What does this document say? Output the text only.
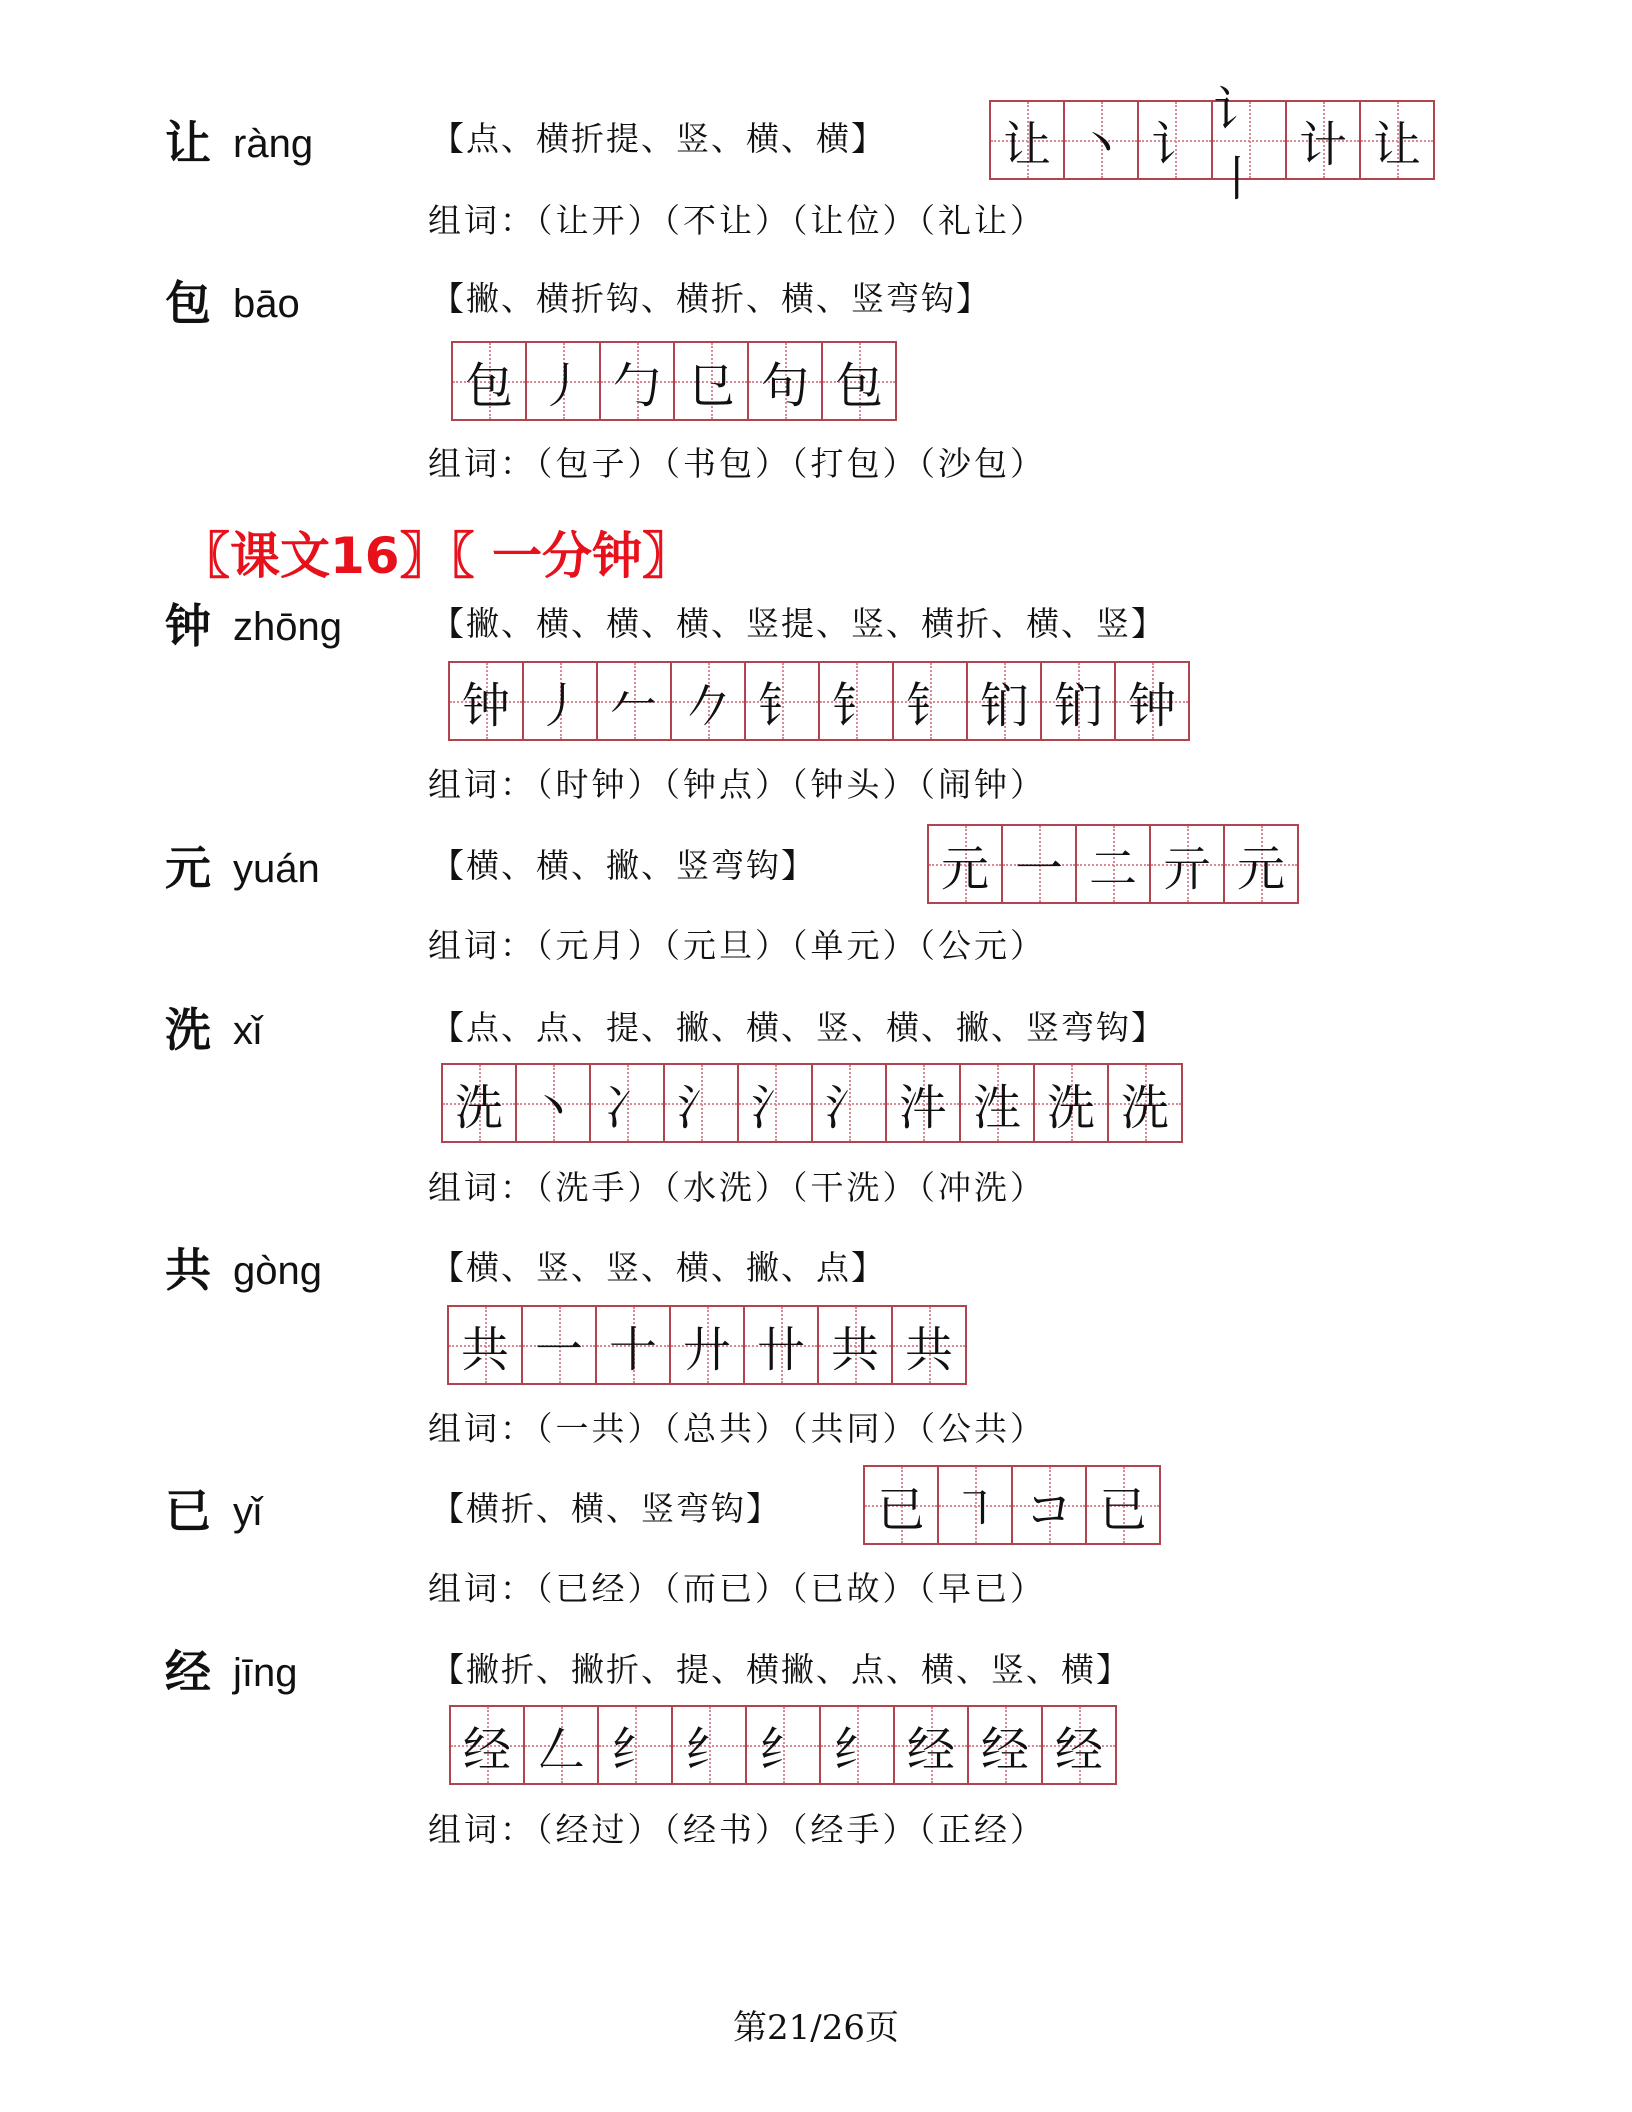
〖课文16〗〖 一分钟〗
第21/26页
让 ràng	【点、横折提、竖、横、横】 让 丶 讠
讠丨
计 让
组词：（让开）（不让）（让位）（礼让）
包 bāo	【撇、横折钩、横折、横、竖弯钩】
包 丿 勹 㔾 句 包
组词：（包子）（书包）（打包）（沙包）
钟 zhōng	【撇、横、横、横、竖提、竖、横折、横、竖】
钟 丿 𠂉 𠂊 钅 钅 钅 钔 钔 钟
组词：（时钟）（钟点）（钟头）（闹钟）
元 yuán	【横、横、撇、竖弯钩】	元 一 二 亓 元
组词：（元月）（元旦）（单元）（公元）
洗 xǐ	【点、点、提、撇、横、竖、横、撇、竖弯钩】
洗 丶 冫 氵 氵 氵 汼 泩 洗 洗
组词：（洗手）（水洗）（干洗）（冲洗）
共 gòng	【横、竖、竖、横、撇、点】
共 一 十 廾 卄 共 共
组词：（一共）（总共）（共同）（公共）
已 yǐ	【横折、横、竖弯钩】 已 ㇕ コ 已
组词：（已经）（而已）（已故）（早已）
经 jīng	【撇折、撇折、提、横撇、点、横、竖、横】
经 𠃋 纟 纟 纟 纟 经 经 经
组词：（经过）（经书）（经手）（正经）
